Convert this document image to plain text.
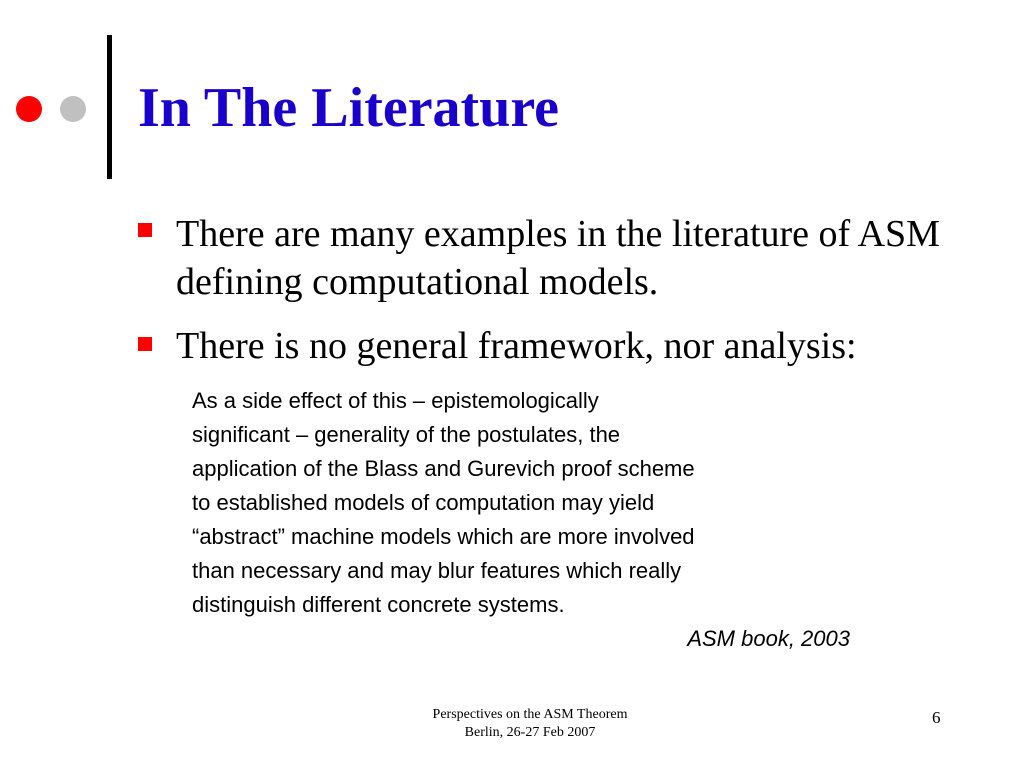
In The Literature
There are many examples in the literature of ASM defining computational models.
There is no general framework, nor analysis:
As a side effect of this – epistemologically
significant – generality of the postulates, the
application of the Blass and Gurevich proof scheme
to established models of computation may yield
“abstract” machine models which are more involved
than necessary and may blur features which really
distinguish different concrete systems.
ASM book, 2003
Perspectives on the ASM Theorem
Berlin, 26-27 Feb 2007
6
